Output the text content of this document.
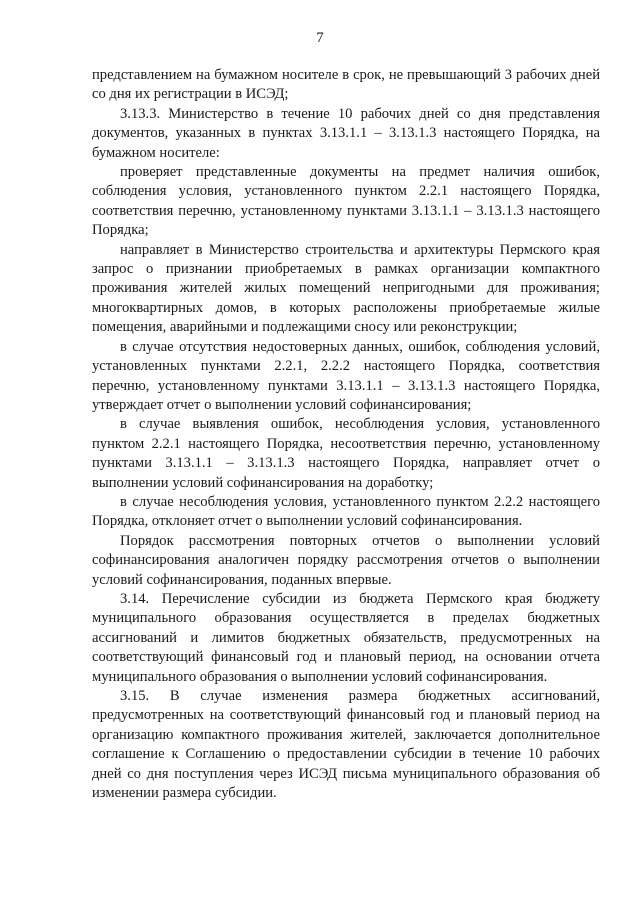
7

представлением на бумажном носителе в срок, не превышающий 3 рабочих дней со дня их регистрации в ИСЭД;

3.13.3. Министерство в течение 10 рабочих дней со дня представления документов, указанных в пунктах 3.13.1.1 – 3.13.1.3 настоящего Порядка, на бумажном носителе:

проверяет представленные документы на предмет наличия ошибок, соблюдения условия, установленного пунктом 2.2.1 настоящего Порядка, соответствия перечню, установленному пунктами 3.13.1.1 – 3.13.1.3 настоящего Порядка;

направляет в Министерство строительства и архитектуры Пермского края запрос о признании приобретаемых в рамках организации компактного проживания жителей жилых помещений непригодными для проживания; многоквартирных домов, в которых расположены приобретаемые жилые помещения, аварийными и подлежащими сносу или реконструкции;

в случае отсутствия недостоверных данных, ошибок, соблюдения условий, установленных пунктами 2.2.1, 2.2.2 настоящего Порядка, соответствия перечню, установленному пунктами 3.13.1.1 – 3.13.1.3 настоящего Порядка, утверждает отчет о выполнении условий софинансирования;

в случае выявления ошибок, несоблюдения условия, установленного пунктом 2.2.1 настоящего Порядка, несоответствия перечню, установленному пунктами 3.13.1.1 – 3.13.1.3 настоящего Порядка, направляет отчет о выполнении условий софинансирования на доработку;

в случае несоблюдения условия, установленного пунктом 2.2.2 настоящего Порядка, отклоняет отчет о выполнении условий софинансирования.

Порядок рассмотрения повторных отчетов о выполнении условий софинансирования аналогичен порядку рассмотрения отчетов о выполнении условий софинансирования, поданных впервые.

3.14. Перечисление субсидии из бюджета Пермского края бюджету муниципального образования осуществляется в пределах бюджетных ассигнований и лимитов бюджетных обязательств, предусмотренных на соответствующий финансовый год и плановый период, на основании отчета муниципального образования о выполнении условий софинансирования.

3.15. В случае изменения размера бюджетных ассигнований, предусмотренных на соответствующий финансовый год и плановый период на организацию компактного проживания жителей, заключается дополнительное соглашение к Соглашению о предоставлении субсидии в течение 10 рабочих дней со дня поступления через ИСЭД письма муниципального образования об изменении размера субсидии.
